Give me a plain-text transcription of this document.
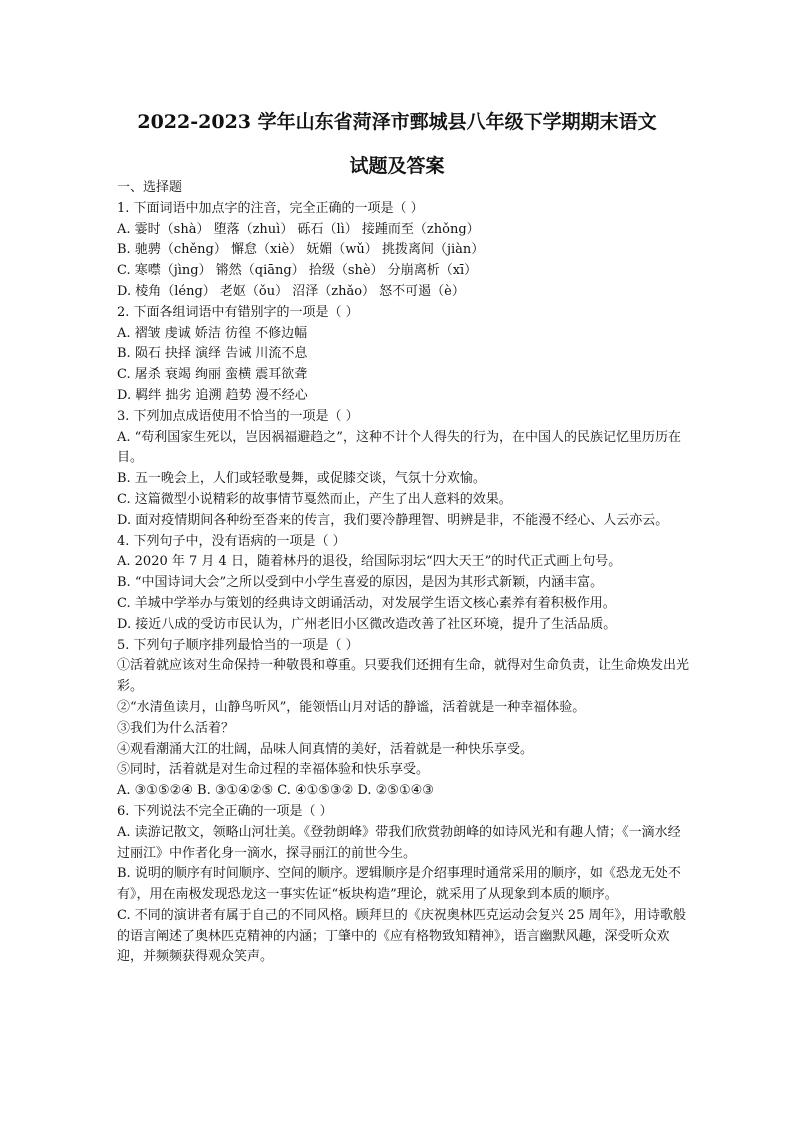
2022-2023 学年山东省菏泽市鄄城县八年级下学期期末语文
试题及答案

一、选择题

1. 下面词语中加点字的注音，完全正确的一项是（ ）

A. 霎时（shà） 堕落（zhuì） 砾石（lì） 接踵而至（zhǒng）

B. 驰骋（chěng） 懈怠（xiè） 妩媚（wǔ） 挑拨离间（jiàn）

C. 寒噤（jìng） 锵然（qiāng） 拾级（shè） 分崩离析（xī）

D. 棱角（léng） 老妪（ǒu） 沼泽（zhǎo） 怒不可遏（è）

2. 下面各组词语中有错别字的一项是（ ）

A. 褶皱 虔诚 娇洁 彷徨 不修边幅

B. 陨石 抉择 演绎 告诫 川流不息

C. 屠杀 衰竭 绚丽 蛮横 震耳欲聋

D. 羁绊 拙劣 追溯 趋势 漫不经心

3. 下列加点成语使用不恰当的一项是（ ）

A. “苟利国家生死以，岂因祸福避趋之”，这种不计个人得失的行为，在中国人的民族记忆里历历在目。

B. 五一晚会上，人们或轻歌曼舞，或促膝交谈，气氛十分欢愉。

C. 这篇微型小说精彩的故事情节戛然而止，产生了出人意料的效果。

D. 面对疫情期间各种纷至沓来的传言，我们要冷静理智、明辨是非，不能漫不经心、人云亦云。

4. 下列句子中，没有语病的一项是（ ）

A. 2020 年 7 月 4 日，随着林丹的退役，给国际羽坛“四大天王”的时代正式画上句号。

B. “中国诗词大会”之所以受到中小学生喜爱的原因，是因为其形式新颖，内涵丰富。

C. 羊城中学举办与策划的经典诗文朗诵活动，对发展学生语文核心素养有着积极作用。

D. 接近八成的受访市民认为，广州老旧小区微改造改善了社区环境，提升了生活品质。

5. 下列句子顺序排列最恰当的一项是（ ）

①活着就应该对生命保持一种敬畏和尊重。只要我们还拥有生命，就得对生命负责，让生命焕发出光彩。

②“水清鱼读月，山静鸟听风”，能领悟山月对话的静谧，活着就是一种幸福体验。

③我们为什么活着？

④观看潮涌大江的壮阔，品味人间真情的美好，活着就是一种快乐享受。

⑤同时，活着就是对生命过程的幸福体验和快乐享受。

A. ③①⑤②④ B. ③①④②⑤ C. ④①⑤③② D. ②⑤①④③

6. 下列说法不完全正确的一项是（ ）

A. 读游记散文，领略山河壮美。《登勃朗峰》带我们欣赏勃朗峰的如诗风光和有趣人情；《一滴水经过丽江》中作者化身一滴水，探寻丽江的前世今生。

B. 说明的顺序有时间顺序、空间的顺序。逻辑顺序是介绍事理时通常采用的顺序，如《恐龙无处不有》，用在南极发现恐龙这一事实佐证“板块构造”理论，就采用了从现象到本质的顺序。

C. 不同的演讲者有属于自己的不同风格。顾拜旦的《庆祝奥林匹克运动会复兴 25 周年》，用诗歌般的语言阐述了奥林匹克精神的内涵；丁肇中的《应有格物致知精神》，语言幽默风趣，深受听众欢迎，并频频获得观众笑声。
